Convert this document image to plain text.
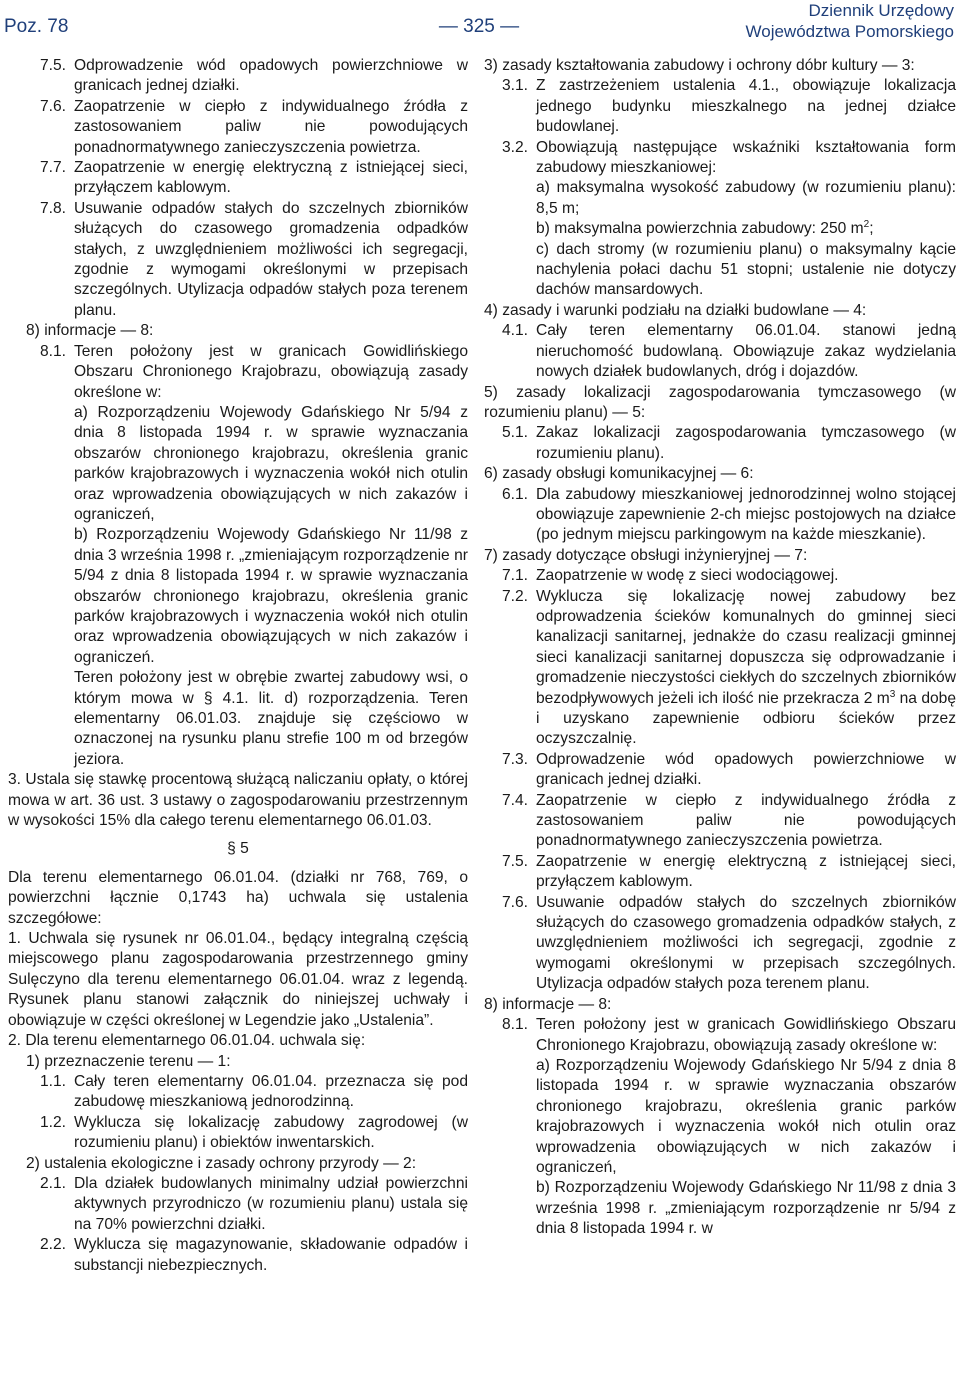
Poz. 78	— 325 —
Dziennik Urzędowy
Województwa Pomorskiego
7.5. Odprowadzenie wód opadowych powierzchniowe w granicach jednej działki.
7.6. Zaopatrzenie w ciepło z indywidualnego źródła z zastosowaniem paliw nie powodujących ponadnormatywnego zanieczyszczenia powietrza.
7.7. Zaopatrzenie w energię elektryczną z istniejącej sieci, przyłączem kablowym.
7.8. Usuwanie odpadów stałych do szczelnych zbiorników służących do czasowego gromadzenia odpadków stałych, z uwzględnieniem możliwości ich segregacji, zgodnie z wymogami określonymi w przepisach szczególnych. Utylizacja odpadów stałych poza terenem planu.

8) informacje — 8:

8.1. Teren położony jest w granicach Gowidlińskiego Obszaru Chronionego Krajobrazu, obowiązują zasady określone w:

a) Rozporządzeniu Wojewody Gdańskiego Nr 5/94 z dnia 8 listopada 1994 r. w sprawie wyznaczania obszarów chronionego krajobrazu, określenia granic parków krajobrazowych i wyznaczenia wokół nich otulin oraz wprowadzenia obowiązujących w nich zakazów i ograniczeń,

b) Rozporządzeniu Wojewody Gdańskiego Nr 11/98 z dnia 3 września 1998 r. „zmieniającym rozporządzenie nr 5/94 z dnia 8 listopada 1994 r. w sprawie wyznaczania obszarów chronionego krajobrazu, określenia granic parków krajobrazowych i wyznaczenia wokół nich otulin oraz wprowadzenia obowiązujących w nich zakazów i ograniczeń.

Teren położony jest w obrębie zwartej zabudowy wsi, o którym mowa w § 4.1. lit. d) rozporządzenia. Teren elementarny 06.01.03. znajduje się częściowo w oznaczonej na rysunku planu strefie 100 m od brzegów jeziora.

3. Ustala się stawkę procentową służącą naliczaniu opłaty, o której mowa w art. 36 ust. 3 ustawy o zagospodarowaniu przestrzennym w wysokości 15% dla całego terenu elementarnego 06.01.03.

§ 5

Dla terenu elementarnego 06.01.04. (działki nr 768, 769, o powierzchni łącznie 0,1743 ha) uchwala się ustalenia szczegółowe:

1. Uchwala się rysunek nr 06.01.04., będący integralną częścią miejscowego planu zagospodarowania przestrzennego gminy Sulęczyno dla terenu elementarnego 06.01.04. wraz z legendą. Rysunek planu stanowi załącznik do niniejszej uchwały i obowiązuje w części określonej w Legendzie jako „Ustalenia”.

2. Dla terenu elementarnego 06.01.04. uchwala się:

1) przeznaczenie terenu — 1:

1.1. Cały teren elementarny 06.01.04. przeznacza się pod zabudowę mieszkaniową jednorodzinną.
1.2. Wyklucza się lokalizację zabudowy zagrodowej (w rozumieniu planu) i obiektów inwentarskich.

2) ustalenia ekologiczne i zasady ochrony przyrody — 2:

2.1. Dla działek budowlanych minimalny udział powierzchni aktywnych przyrodniczo (w rozumieniu planu) ustala się na 70% powierzchni działki.
2.2. Wyklucza się magazynowanie, składowanie odpadów i substancji niebezpiecznych.

3) zasady kształtowania zabudowy i ochrony dóbr kultury — 3:

3.1. Z zastrzeżeniem ustalenia 4.1., obowiązuje lokalizacja jednego budynku mieszkalnego na jednej działce budowlanej.
3.2. Obowiązują następujące wskaźniki kształtowania form zabudowy mieszkaniowej:

a) maksymalna wysokość zabudowy (w rozumieniu planu): 8,5 m;

b) maksymalna powierzchnia zabudowy: 250 $m^2$;

c) dach stromy (w rozumieniu planu) o maksymalny kącie nachylenia połaci dachu 51 stopni; ustalenie nie dotyczy dachów mansardowych.

4) zasady i warunki podziału na działki budowlane — 4:

4.1. Cały teren elementarny 06.01.04. stanowi jedną nieruchomość budowlaną. Obowiązuje zakaz wydzielania nowych działek budowlanych, dróg i dojazdów.

5) zasady lokalizacji zagospodarowania tymczasowego (w rozumieniu planu) — 5:

5.1. Zakaz lokalizacji zagospodarowania tymczasowego (w rozumieniu planu).

6) zasady obsługi komunikacyjnej — 6:

6.1. Dla zabudowy mieszkaniowej jednorodzinnej wolno stojącej obowiązuje zapewnienie 2-ch miejsc postojowych na działce (po jednym miejscu parkingowym na każde mieszkanie).

7) zasady dotyczące obsługi inżynieryjnej — 7:

7.1. Zaopatrzenie w wodę z sieci wodociągowej.
7.2. Wyklucza się lokalizację nowej zabudowy bez odprowadzenia ścieków komunalnych do gminnej sieci kanalizacji sanitarnej, jednakże do czasu realizacji gminnej sieci kanalizacji sanitarnej dopuszcza się odprowadzanie i gromadzenie nieczystości ciekłych do szczelnych zbiorników bezodpływowych jeżeli ich ilość nie przekracza 2 $m^3$ na dobę i uzyskano zapewnienie odbioru ścieków przez oczyszczalnię.
7.3. Odprowadzenie wód opadowych powierzchniowe w granicach jednej działki.
7.4. Zaopatrzenie w ciepło z indywidualnego źródła z zastosowaniem paliw nie powodujących ponadnormatywnego zanieczyszczenia powietrza.
7.5. Zaopatrzenie w energię elektryczną z istniejącej sieci, przyłączem kablowym.
7.6. Usuwanie odpadów stałych do szczelnych zbiorników służących do czasowego gromadzenia odpadków stałych, z uwzględnieniem możliwości ich segregacji, zgodnie z wymogami określonymi w przepisach szczególnych. Utylizacja odpadów stałych poza terenem planu.

8) informacje — 8:

8.1. Teren położony jest w granicach Gowidlińskiego Obszaru Chronionego Krajobrazu, obowiązują zasady określone w:

a) Rozporządzeniu Wojewody Gdańskiego Nr 5/94 z dnia 8 listopada 1994 r. w sprawie wyznaczania obszarów chronionego krajobrazu, określenia granic parków krajobrazowych i wyznaczenia wokół nich otulin oraz wprowadzenia obowiązujących w nich zakazów i ograniczeń,

b) Rozporządzeniu Wojewody Gdańskiego Nr 11/98 z dnia 3 września 1998 r. „zmieniającym rozporządzenie nr 5/94 z dnia 8 listopada 1994 r. w
